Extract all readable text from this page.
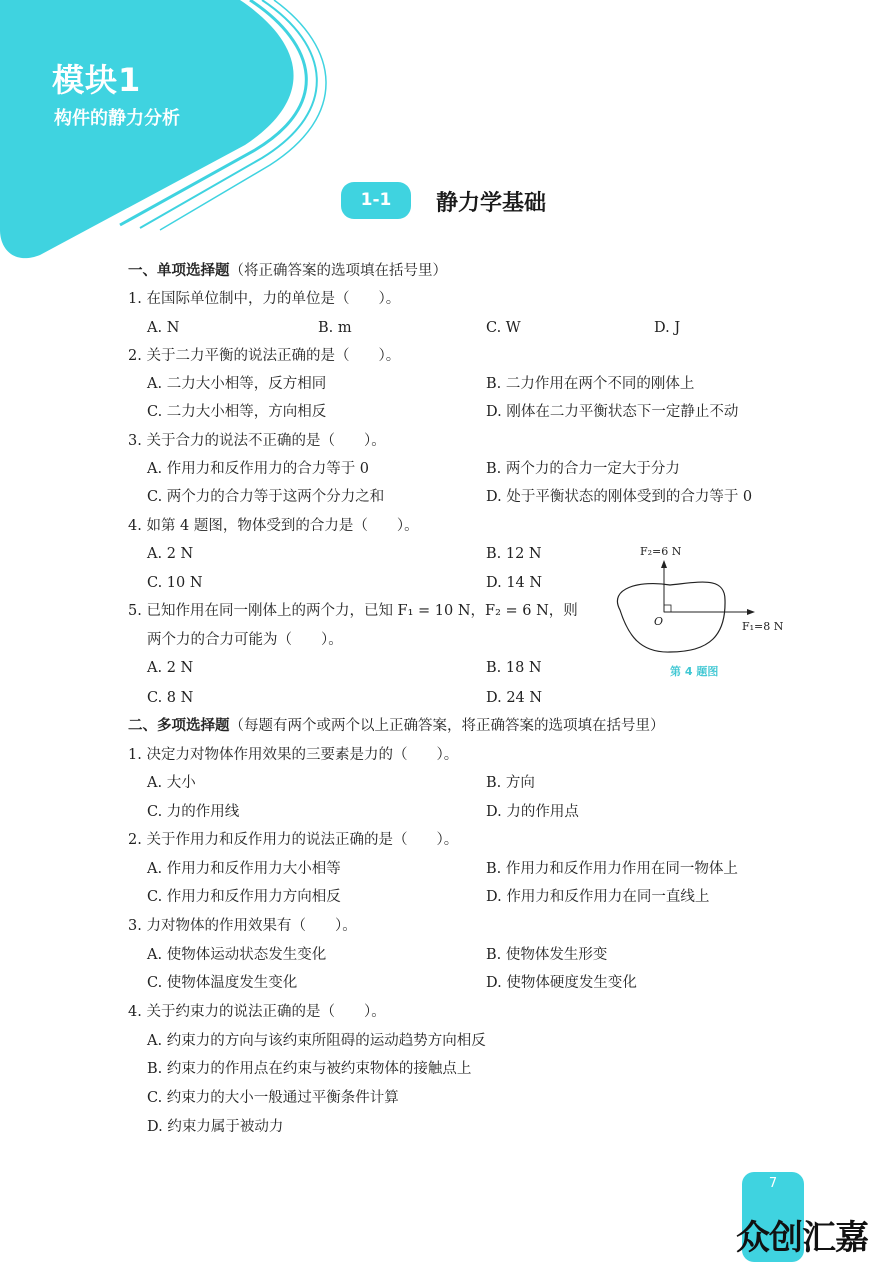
模块1
构件的静力分析
1-1	静力学基础
一、单项选择题（将正确答案的选项填在括号里）
1. 在国际单位制中，力的单位是（　　）。
A. N	B. m	C. W	D. J
2. 关于二力平衡的说法正确的是（　　）。
A. 二力大小相等，反方相同	B. 二力作用在两个不同的刚体上
C. 二力大小相等，方向相反	D. 刚体在二力平衡状态下一定静止不动
3. 关于合力的说法不正确的是（　　）。
A. 作用力和反作用力的合力等于 0	B. 两个力的合力一定大于分力
C. 两个力的合力等于这两个分力之和	D. 处于平衡状态的刚体受到的合力等于 0
4. 如第 4 题图，物体受到的合力是（　　）。
A. 2 N	B. 12 N
C. 10 N	D. 14 N
5. 已知作用在同一刚体上的两个力，已知 F₁ = 10 N，F₂ = 6 N，则
两个力的合力可能为（　　）。
A. 2 N	B. 18 N
C. 8 N	D. 24 N
F₂=6 N
F₁=8 N
O
第 4 题图
二、多项选择题（每题有两个或两个以上正确答案，将正确答案的选项填在括号里）
1. 决定力对物体作用效果的三要素是力的（　　）。
A. 大小	B. 方向
C. 力的作用线	D. 力的作用点
2. 关于作用力和反作用力的说法正确的是（　　）。
A. 作用力和反作用力大小相等	B. 作用力和反作用力作用在同一物体上
C. 作用力和反作用力方向相反	D. 作用力和反作用力在同一直线上
3. 力对物体的作用效果有（　　）。
A. 使物体运动状态发生变化	B. 使物体发生形变
C. 使物体温度发生变化	D. 使物体硬度发生变化
4. 关于约束力的说法正确的是（　　）。
A. 约束力的方向与该约束所阻碍的运动趋势方向相反
B. 约束力的作用点在约束与被约束物体的接触点上
C. 约束力的大小一般通过平衡条件计算
D. 约束力属于被动力
7
众创汇嘉
